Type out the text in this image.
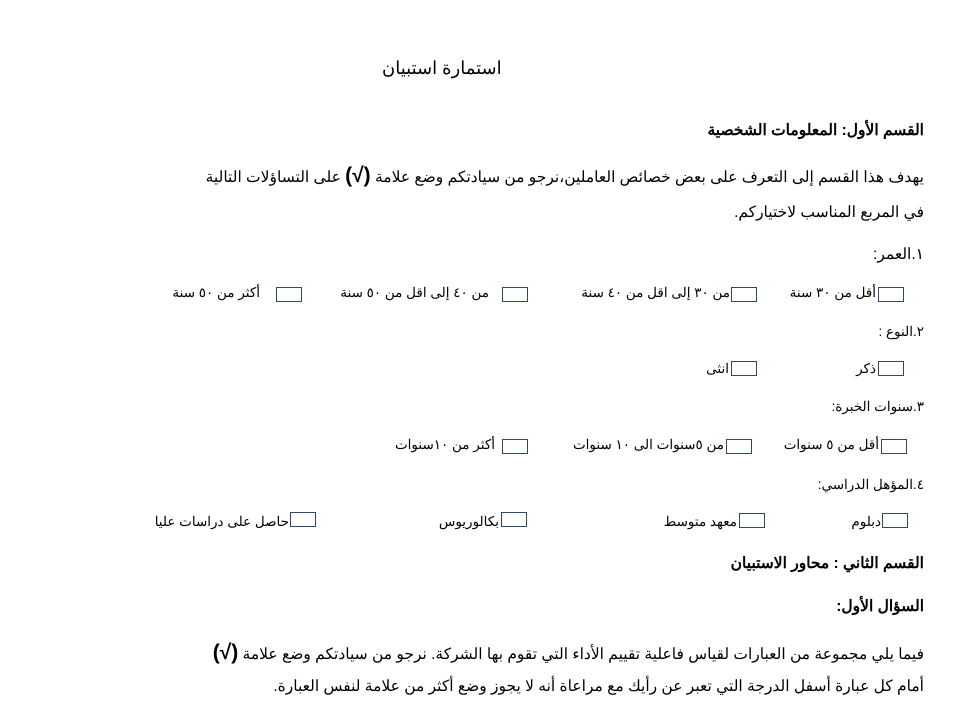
استمارة استبيان
القسم الأول: المعلومات الشخصية
يهدف هذا القسم إلى التعرف على بعض خصائص العاملين،نرجو من سيادتكم وضع علامة (√) على التساؤلات التالية
في المربع المناسب لاختياركم.
١.العمر:
أقل من ٣٠ سنة
من ٣٠ إلى اقل من ٤٠ سنة
من ٤٠ إلى اقل من ٥٠ سنة
أكثر من ٥٠ سنة
٢.النوع :
ذكر
انثى
٣.سنوات الخبرة:
أقل من ٥ سنوات
من ٥سنوات الى ١٠ سنوات
أكثر من ١٠سنوات
٤.المؤهل الدراسي:
دبلوم
معهد متوسط
بكالوريوس
حاصل على دراسات عليا
القسم الثاني : محاور الاستبيان
السؤال الأول:
فيما يلي مجموعة من العبارات لقياس فاعلية تقييم الأداء التي تقوم بها الشركة. نرجو من سيادتكم وضع علامة (√)
أمام كل عبارة أسفل الدرجة التي تعبر عن رأيك مع مراعاة أنه لا يجوز وضع أكثر من علامة لنفس العبارة.
